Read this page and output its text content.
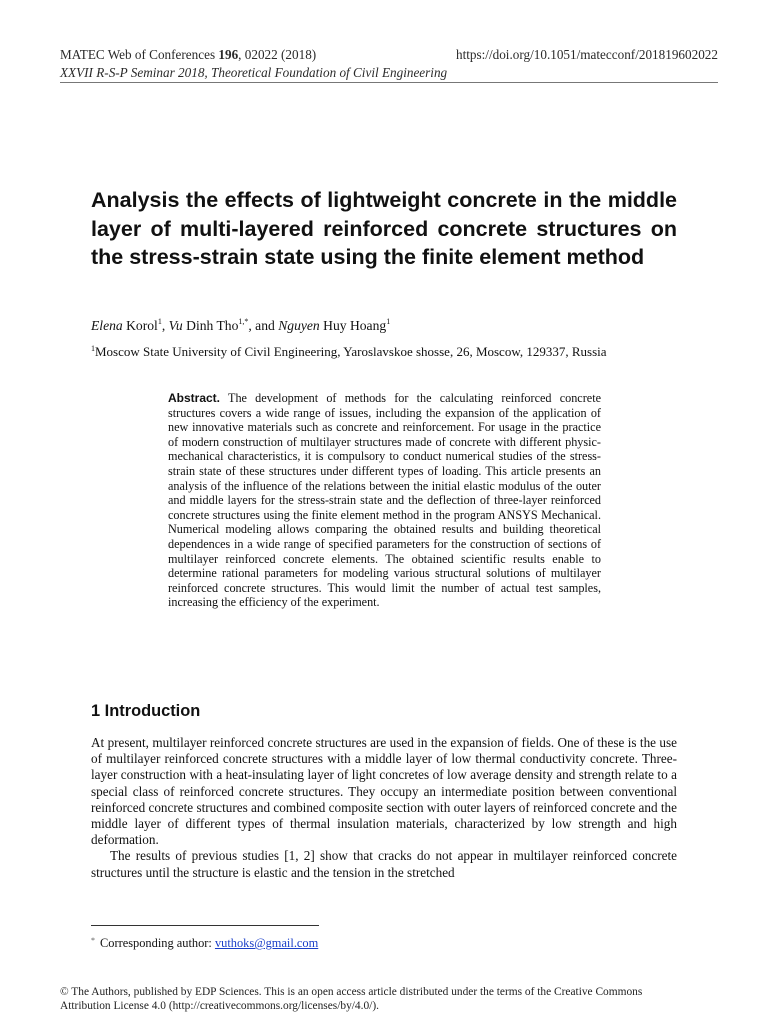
MATEC Web of Conferences 196, 02022 (2018)	https://doi.org/10.1051/matecconf/201819602022
XXVII R-S-P Seminar 2018, Theoretical Foundation of Civil Engineering
Analysis the effects of lightweight concrete in the middle layer of multi-layered reinforced concrete structures on the stress-strain state using the finite element method
Elena Korol$^1$, Vu Dinh Tho$^{1,*}$, and Nguyen Huy Hoang$^1$
$^1$Moscow State University of Civil Engineering, Yaroslavskoe shosse, 26, Moscow, 129337, Russia
Abstract. The development of methods for the calculating reinforced concrete structures covers a wide range of issues, including the expansion of the application of new innovative materials such as concrete and reinforcement. For usage in the practice of modern construction of multilayer structures made of concrete with different physic-mechanical characteristics, it is compulsory to conduct numerical studies of the stress-strain state of these structures under different types of loading. This article presents an analysis of the influence of the relations between the initial elastic modulus of the outer and middle layers for the stress-strain state and the deflection of three-layer reinforced concrete structures using the finite element method in the program ANSYS Mechanical. Numerical modeling allows comparing the obtained results and building theoretical dependences in a wide range of specified parameters for the construction of sections of multilayer reinforced concrete elements. The obtained scientific results enable to determine rational parameters for modeling various structural solutions of multilayer reinforced concrete structures. This would limit the number of actual test samples, increasing the efficiency of the experiment.
1 Introduction

At present, multilayer reinforced concrete structures are used in the expansion of fields. One of these is the use of multilayer reinforced concrete structures with a middle layer of low thermal conductivity concrete. Three-layer construction with a heat-insulating layer of light concretes of low average density and strength relate to a special class of reinforced concrete structures. They occupy an intermediate position between conventional reinforced concrete structures and combined composite section with outer layers of reinforced concrete and the middle layer of different types of thermal insulation materials, characterized by low strength and high deformation.

The results of previous studies [1, 2] show that cracks do not appear in multilayer reinforced concrete structures until the structure is elastic and the tension in the stretched

* Corresponding author: vuthoks@gmail.com
© The Authors, published by EDP Sciences. This is an open access article distributed under the terms of the Creative Commons
Attribution License 4.0 (http://creativecommons.org/licenses/by/4.0/).
